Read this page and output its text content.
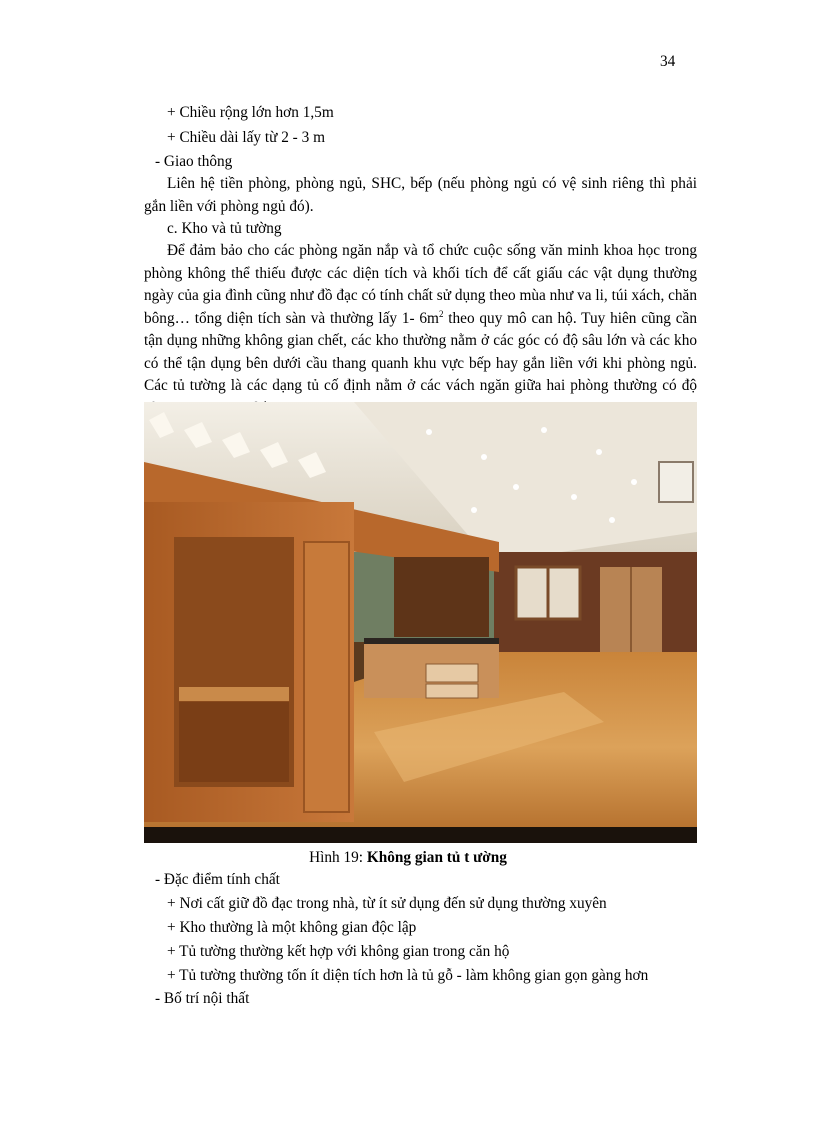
34
+ Chiều rộng lớn hơn 1,5m
+ Chiều dài lấy từ 2 - 3 m
- Giao thông
Liên hệ tiền phòng, phòng ngủ, SHC, bếp (nếu phòng ngủ có vệ sinh riêng thì phải gắn liền với phòng ngủ đó).
c. Kho và tủ tường
Để đảm bảo cho các phòng ngăn nắp và tổ chức cuộc sống văn minh khoa học trong phòng không thể thiếu được các diện tích và khối tích để cất giấu các vật dụng thường ngày của gia đình cũng như đồ đạc có tính chất sử dụng theo mùa như va li, túi xách, chăn bông… tổng diện tích sàn và thường lấy 1- $6m^2$ theo quy mô can hộ. Tuy hiên cũng cần tận dụng những không gian chết, các kho thường nằm ở các góc có độ sâu lớn và các kho có thể tận dụng bên dưới cầu thang quanh khu vực bếp hay gắn liền với khi phòng ngủ. Các tủ tường là các dạng tủ cố định nằm ở các vách ngăn giữa hai phòng thường có độ
Hình 19: Không gian tủ t ường
- Đặc điểm tính chất
+ Nơi cất giữ đồ đạc trong nhà, từ ít sử dụng đến sử dụng thường xuyên
+ Kho thường là một không gian độc lập
+ Tủ tường thường kết hợp với không gian trong căn hộ
+ Tủ tường thường tốn ít diện tích hơn là tủ gỗ - làm không gian gọn gàng hơn
- Bố trí nội thất
